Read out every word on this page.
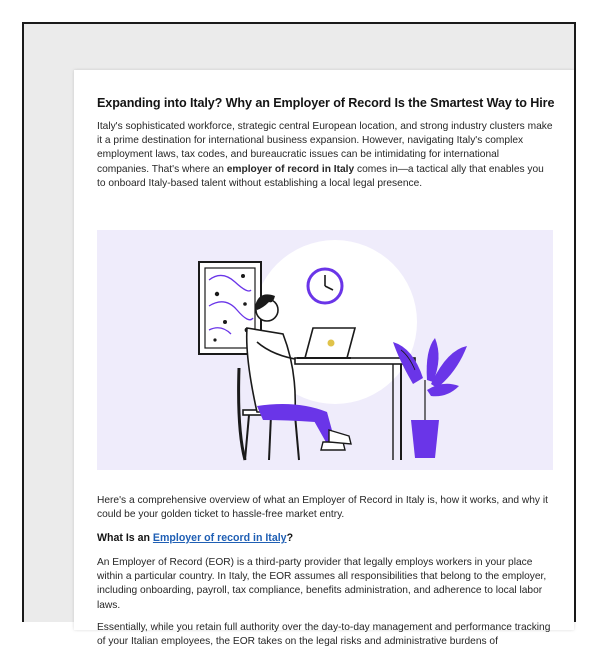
Expanding into Italy? Why an Employer of Record Is the Smartest Way to Hire

Italy's sophisticated workforce, strategic central European location, and strong industry clusters make it a prime destination for international business expansion. However, navigating Italy's complex employment laws, tax codes, and bureaucratic issues can be intimidating for international companies. That's where an employer of record in Italy comes in—a tactical ally that enables you to onboard Italy-based talent without establishing a local legal presence.

Here's a comprehensive overview of what an Employer of Record in Italy is, how it works, and why it could be your golden ticket to hassle-free market entry.

What Is an Employer of record in Italy?

An Employer of Record (EOR) is a third-party provider that legally employs workers in your place within a particular country. In Italy, the EOR assumes all responsibilities that belong to the employer, including onboarding, payroll, tax compliance, benefits administration, and adherence to local labor laws.

Essentially, while you retain full authority over the day-to-day management and performance tracking of your Italian employees, the EOR takes on the legal risks and administrative burdens of
